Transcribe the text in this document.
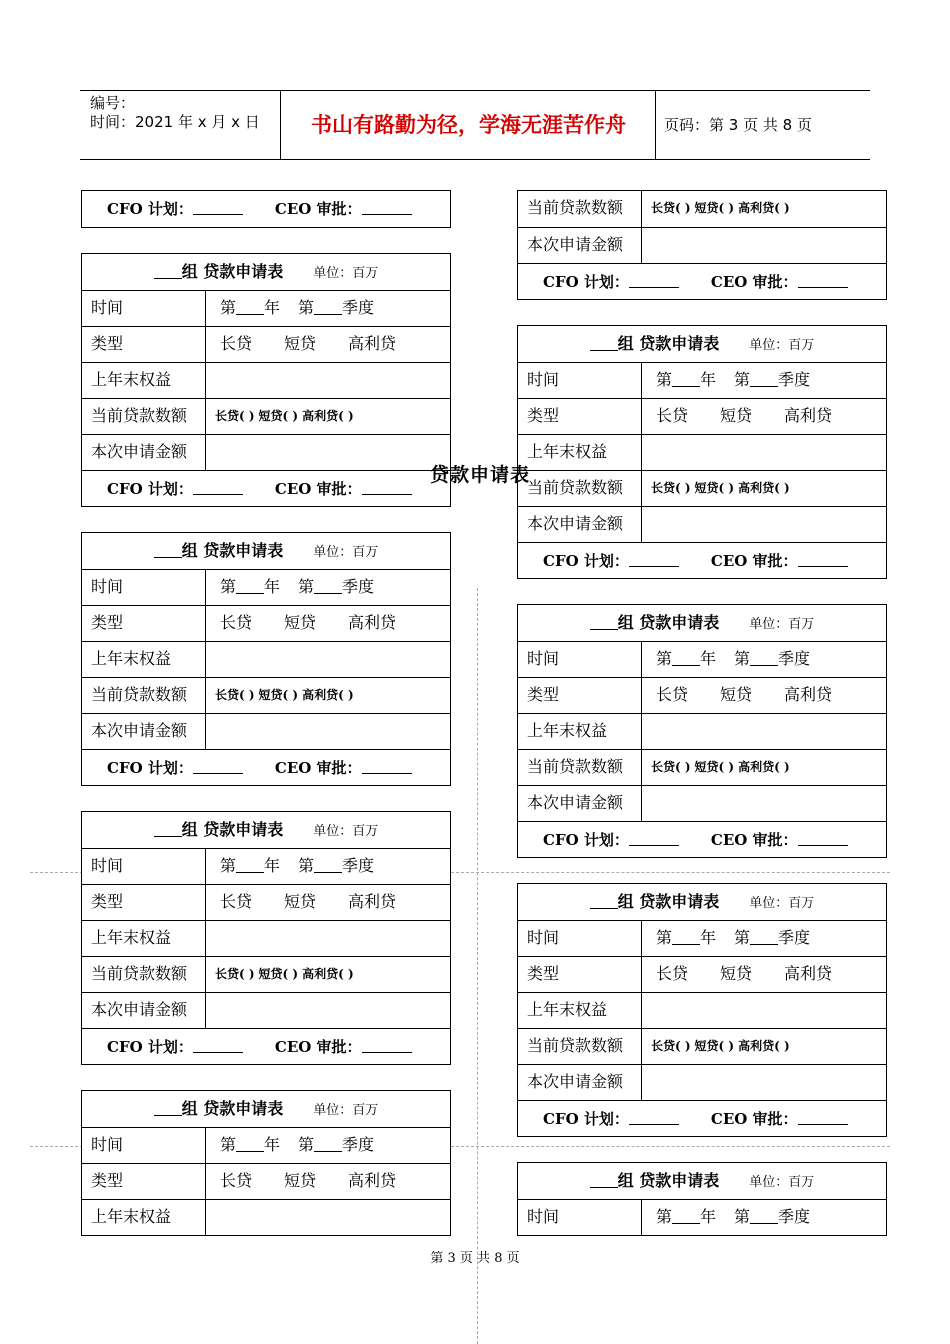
编号：
时间：2021 年 x 月 x 日	书山有路勤为径，学海无涯苦作舟	页码：第 3 页 共 8 页
CFO 计划：	CEO 审批：
组 贷款申请表 单位：百万
时间	第 年 第 季度
类型	长贷 短贷 高利贷
上年末权益
当前贷款数额	长贷( ) 短贷( ) 高利贷( )
本次申请金额
CFO 计划：	CEO 审批：
组 贷款申请表 单位：百万
时间	第 年 第 季度
类型	长贷 短贷 高利贷
上年末权益
当前贷款数额	长贷( ) 短贷( ) 高利贷( )
本次申请金额
CFO 计划：	CEO 审批：
组 贷款申请表 单位：百万
时间	第 年 第 季度
类型	长贷 短贷 高利贷
上年末权益
当前贷款数额	长贷( ) 短贷( ) 高利贷( )
本次申请金额
CFO 计划：	CEO 审批：
组 贷款申请表 单位：百万
时间	第 年 第 季度
类型	长贷 短贷 高利贷
上年末权益
当前贷款数额	长贷( ) 短贷( ) 高利贷( )
本次申请金额
CFO 计划：	CEO 审批：
组 贷款申请表 单位：百万
时间	第 年 第 季度
类型	长贷 短贷 高利贷
上年末权益
当前贷款数额	长贷( ) 短贷( ) 高利贷( )
本次申请金额
CFO 计划：	CEO 审批：
组 贷款申请表 单位：百万
时间	第 年 第 季度
类型	长贷 短贷 高利贷
上年末权益
当前贷款数额	长贷( ) 短贷( ) 高利贷( )
本次申请金额
CFO 计划：	CEO 审批：
组 贷款申请表 单位：百万
时间	第 年 第 季度
类型	长贷 短贷 高利贷
上年末权益
当前贷款数额	长贷( ) 短贷( ) 高利贷( )
本次申请金额
CFO 计划：	CEO 审批：
组 贷款申请表 单位：百万
时间	第 年 第 季度
贷款申请表
第 3 页 共 8 页
